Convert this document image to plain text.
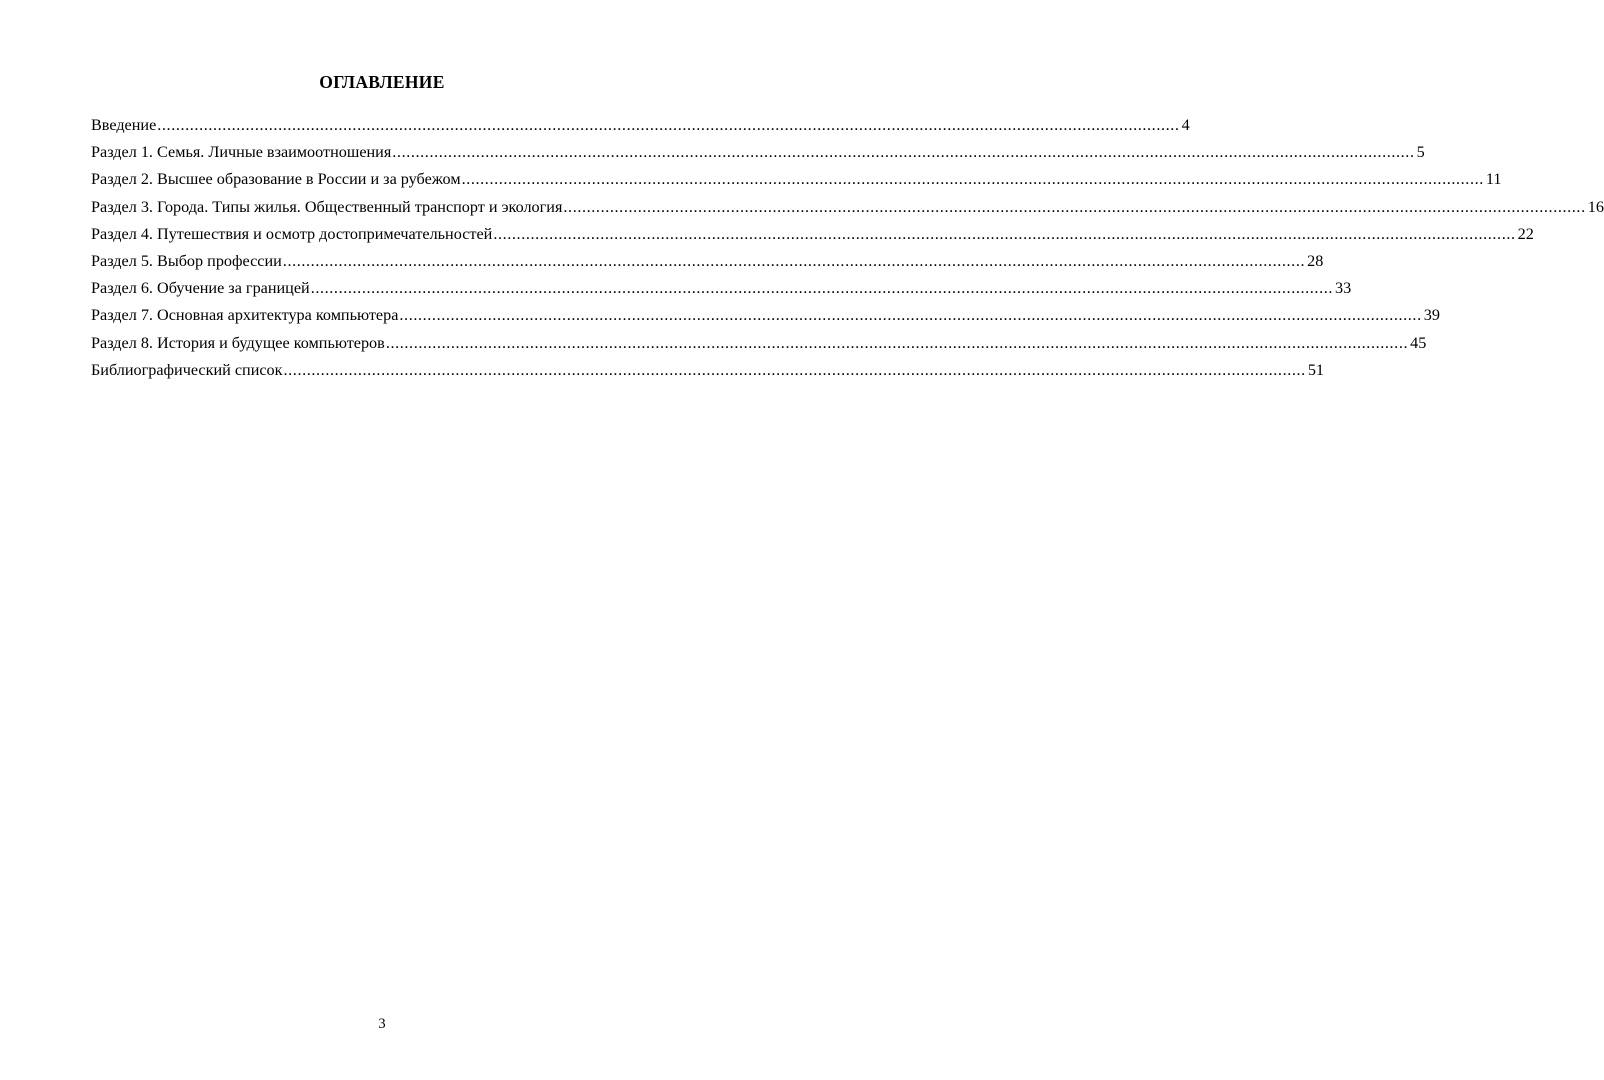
ОГЛАВЛЕНИЕ
Введение ............................................................................................................................................................................................................................ 4
Раздел 1. Семья. Личные взаимоотношения ............................................................................................................................................................................................................................ 5
Раздел 2. Высшее образование в России и за рубежом ............................................................................................................................................................................................................................ 11
Раздел 3. Города. Типы жилья. Общественный транспорт и экология ............................................................................................................................................................................................................................ 16
Раздел 4. Путешествия и осмотр достопримечательностей ............................................................................................................................................................................................................................ 22
Раздел 5. Выбор профессии ............................................................................................................................................................................................................................ 28
Раздел 6. Обучение за границей ............................................................................................................................................................................................................................ 33
Раздел 7. Основная архитектура компьютера ............................................................................................................................................................................................................................ 39
Раздел 8. История и будущее компьютеров ............................................................................................................................................................................................................................ 45
Библиографический список ............................................................................................................................................................................................................................ 51
3
